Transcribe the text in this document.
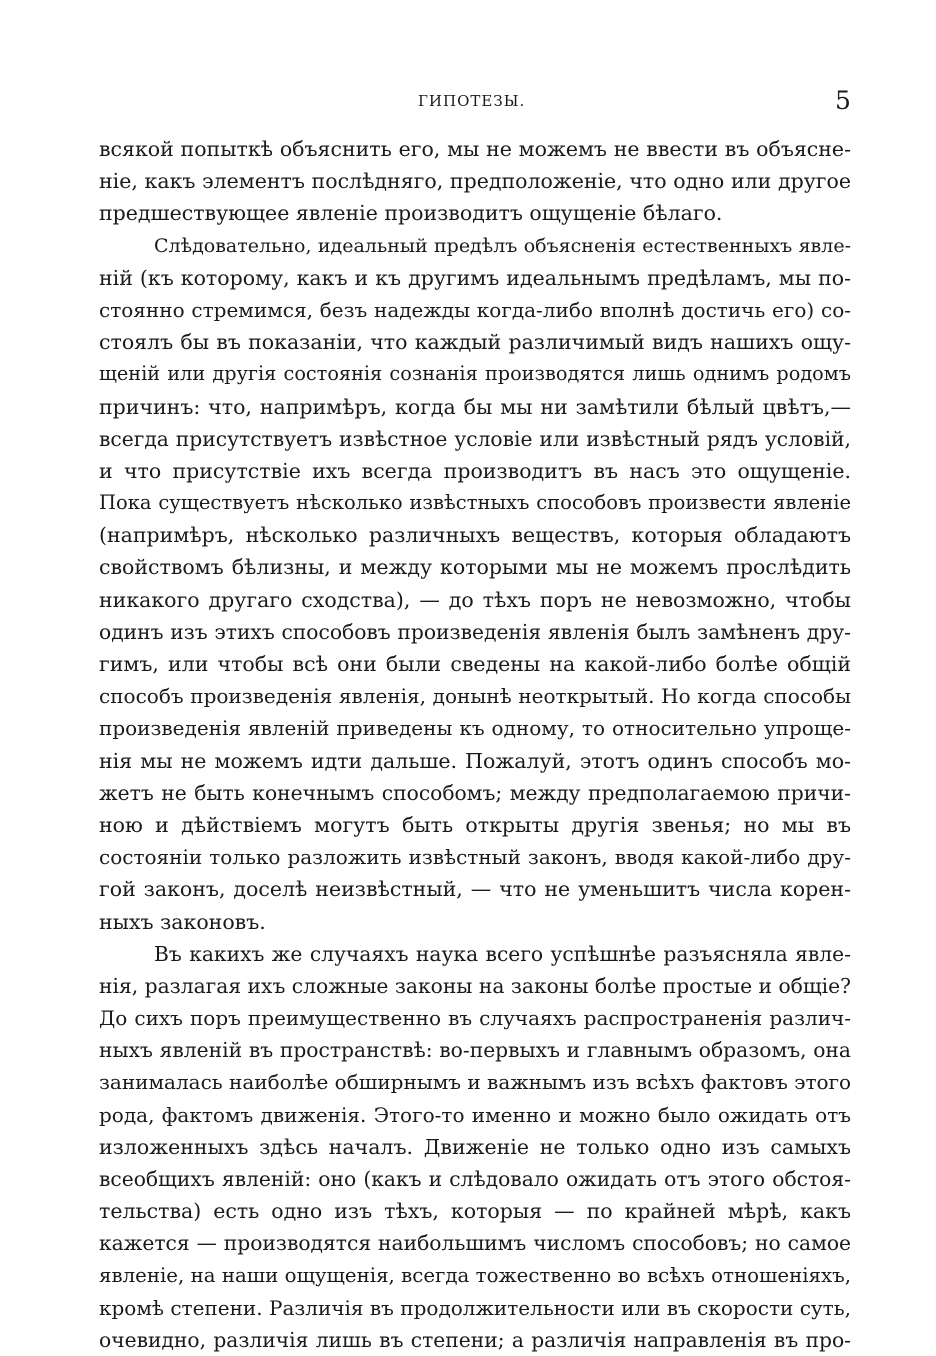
ГИПОТЕЗЫ.	5
всякой попыткѣ объяснить его, мы не можемъ не ввести въ объясне-
ніе, какъ элементъ послѣдняго, предположеніе, что одно или другое
предшествующее явленіе производитъ ощущеніе бѣлаго.
Слѣдовательно, идеальный предѣлъ объясненія естественныхъ явле-
ній (къ которому, какъ и къ другимъ идеальнымъ предѣламъ, мы по-
стоянно стремимся, безъ надежды когда-либо вполнѣ достичь его) со-
стоялъ бы въ показаніи, что каждый различимый видъ нашихъ ощу-
щеній или другія состоянія сознанія производятся лишь однимъ родомъ
причинъ: что, напримѣръ, когда бы мы ни замѣтили бѣлый цвѣтъ,—
всегда присутствуетъ извѣстное условіе или извѣстный рядъ условій,
и что присутствіе ихъ всегда производитъ въ насъ это ощущеніе.
Пока существуетъ нѣсколько извѣстныхъ способовъ произвести явленіе
(напримѣръ, нѣсколько различныхъ веществъ, которыя обладаютъ
свойствомъ бѣлизны, и между которыми мы не можемъ прослѣдить
никакого другаго сходства), — до тѣхъ поръ не невозможно, чтобы
одинъ изъ этихъ способовъ произведенія явленія былъ замѣненъ дру-
гимъ, или чтобы всѣ они были сведены на какой-либо болѣе общій
способъ произведенія явленія, донынѣ неоткрытый. Но когда способы
произведенія явленій приведены къ одному, то относительно упроще-
нія мы не можемъ идти дальше. Пожалуй, этотъ одинъ способъ мо-
жетъ не быть конечнымъ способомъ; между предполагаемою причи-
ною и дѣйствіемъ могутъ быть открыты другія звенья; но мы въ
состояніи только разложить извѣстный законъ, вводя какой-либо дру-
гой законъ, доселѣ неизвѣстный, — что не уменьшитъ числа корен-
ныхъ законовъ.
Въ какихъ же случаяхъ наука всего успѣшнѣе разъясняла явле-
нія, разлагая ихъ сложные законы на законы болѣе простые и общіе?
До сихъ поръ преимущественно въ случаяхъ распространенія различ-
ныхъ явленій въ пространствѣ: во-первыхъ и главнымъ образомъ, она
занималась наиболѣе обширнымъ и важнымъ изъ всѣхъ фактовъ этого
рода, фактомъ движенія. Этого-то именно и можно было ожидать отъ
изложенныхъ здѣсь началъ. Движеніе не только одно изъ самыхъ
всеобщихъ явленій: оно (какъ и слѣдовало ожидать отъ этого обстоя-
тельства) есть одно изъ тѣхъ, которыя — по крайней мѣрѣ, какъ
кажется — производятся наибольшимъ числомъ способовъ; но самое
явленіе, на наши ощущенія, всегда тожественно во всѣхъ отношеніяхъ,
кромѣ степени. Различія въ продолжительности или въ скорости суть,
очевидно, различія лишь въ степени; а различія направленія въ про-
